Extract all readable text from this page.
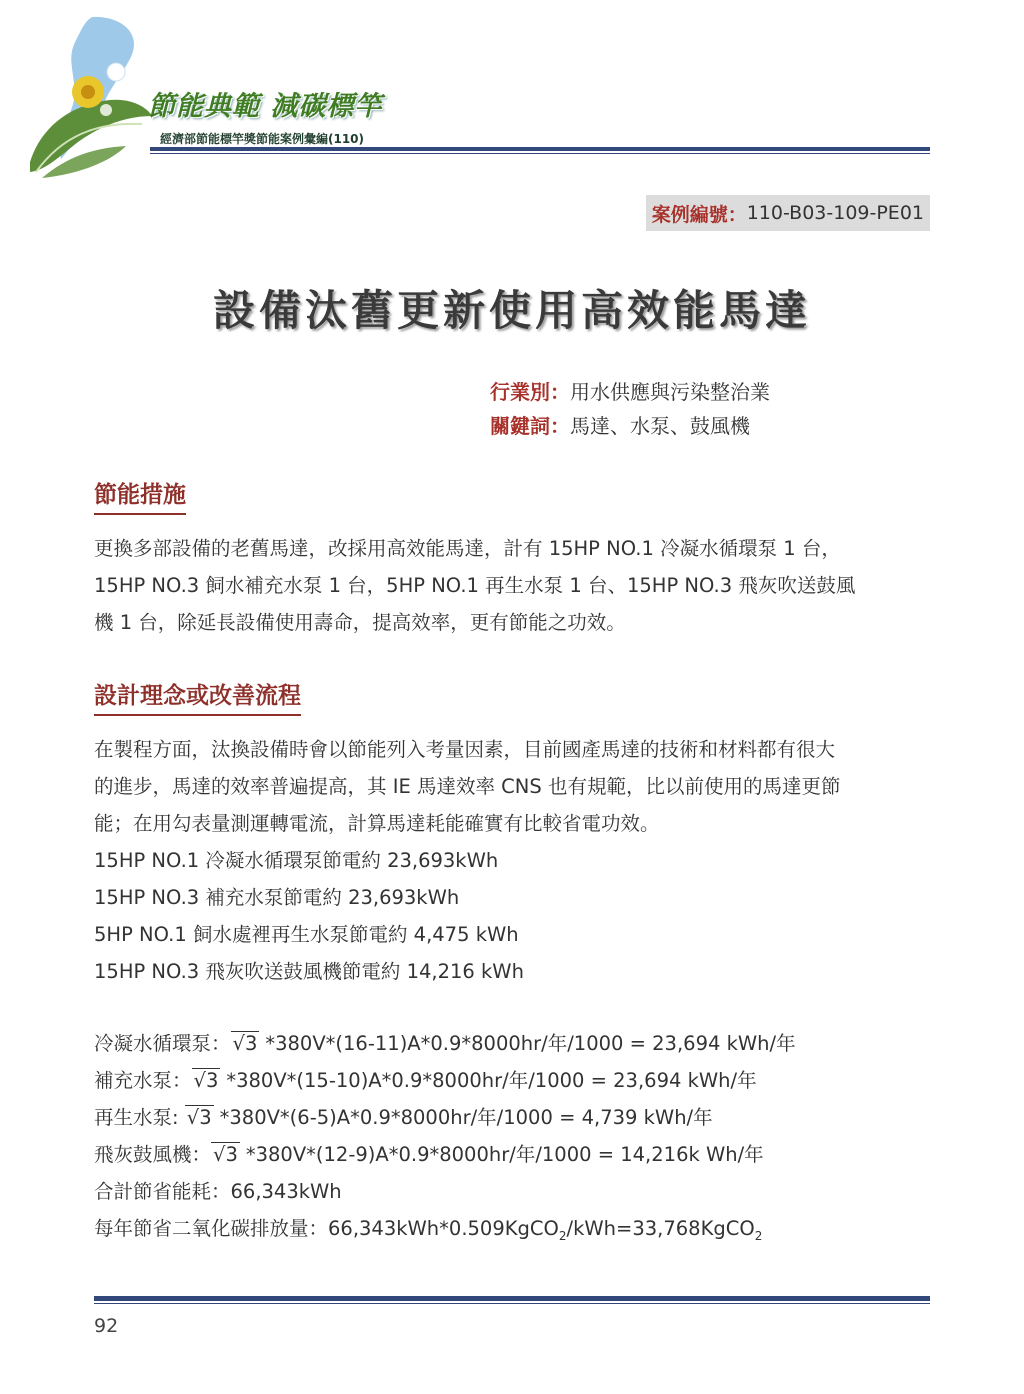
節能典範 減碳標竿
經濟部節能標竿獎節能案例彙編(110)
案例編號： 110-B03-109-PE01
設備汰舊更新使用高效能馬達
行業別：用水供應與污染整治業
關鍵詞：馬達、水泵、鼓風機
節能措施
更換多部設備的老舊馬達，改採用高效能馬達，計有 15HP NO.1 冷凝水循環泵 1 台，
15HP NO.3 飼水補充水泵 1 台，5HP NO.1 再生水泵 1 台、15HP NO.3 飛灰吹送鼓風
機 1 台，除延長設備使用壽命，提高效率，更有節能之功效。
設計理念或改善流程
在製程方面，汰換設備時會以節能列入考量因素，目前國產馬達的技術和材料都有很大
的進步，馬達的效率普遍提高，其 IE 馬達效率 CNS 也有規範，比以前使用的馬達更節
能；在用勾表量測運轉電流，計算馬達耗能確實有比較省電功效。
15HP NO.1 冷凝水循環泵節電約 23,693kWh
15HP NO.3 補充水泵節電約 23,693kWh
5HP NO.1 飼水處裡再生水泵節電約 4,475 kWh
15HP NO.3 飛灰吹送鼓風機節電約 14,216 kWh
冷凝水循環泵： √3 *380V*(16-11)A*0.9*8000hr/年/1000 = 23,694 kWh/年
補充水泵： √3 *380V*(15-10)A*0.9*8000hr/年/1000 = 23,694 kWh/年
再生水泵: √3 *380V*(6-5)A*0.9*8000hr/年/1000 = 4,739 kWh/年
飛灰鼓風機： √3 *380V*(12-9)A*0.9*8000hr/年/1000 = 14,216k Wh/年
合計節省能耗：66,343kWh
每年節省二氧化碳排放量：66,343kWh*0.509KgCO$_2$/kWh=33,768KgCO$_2$
92
